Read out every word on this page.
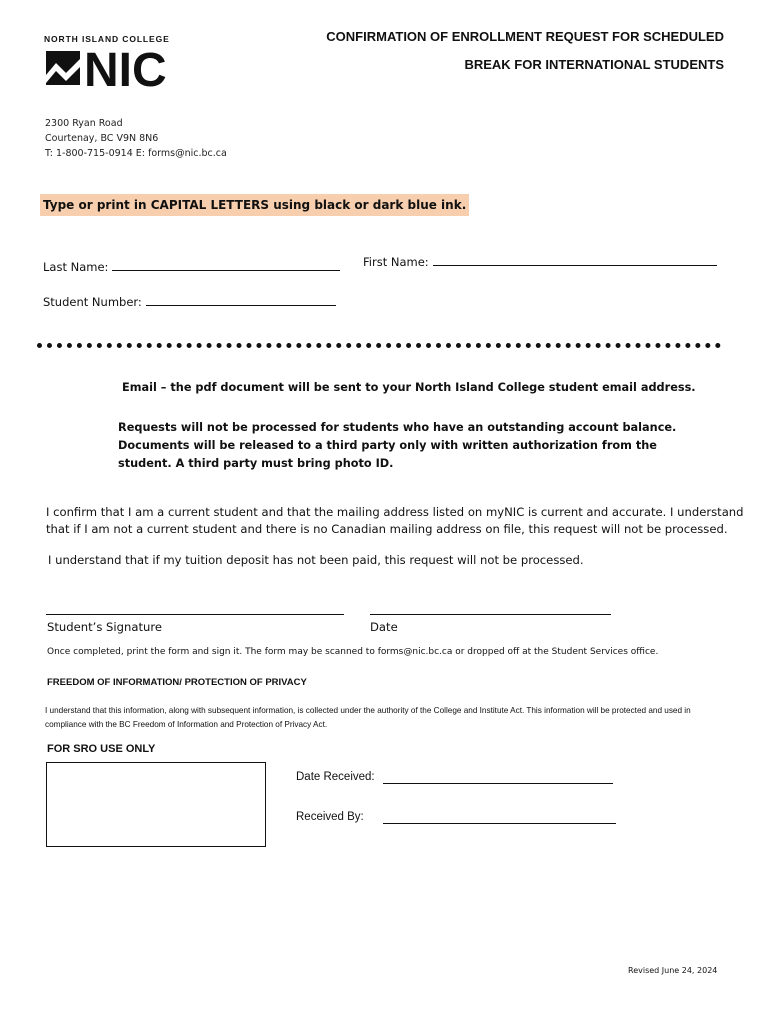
NORTH ISLAND COLLEGE
NIC
CONFIRMATION OF ENROLLMENT REQUEST FOR SCHEDULED
BREAK FOR INTERNATIONAL STUDENTS
2300 Ryan Road
Courtenay, BC V9N 8N6
T: 1-800-715-0914 E: forms@nic.bc.ca
Type or print in CAPITAL LETTERS using black or dark blue ink.
Last Name:	First Name:
Student Number:
Email – the pdf document will be sent to your North Island College student email address.
Requests will not be processed for students who have an outstanding account balance.
Documents will be released to a third party only with written authorization from the
student. A third party must bring photo ID.
I confirm that I am a current student and that the mailing address listed on myNIC is current and accurate. I understand
that if I am not a current student and there is no Canadian mailing address on file, this request will not be processed.
I understand that if my tuition deposit has not been paid, this request will not be processed.
Student’s Signature	Date
Once completed, print the form and sign it. The form may be scanned to forms@nic.bc.ca or dropped off at the Student Services office.
FREEDOM OF INFORMATION/ PROTECTION OF PRIVACY
I understand that this information, along with subsequent information, is collected under the authority of the College and Institute Act. This information will be protected and used in
compliance with the BC Freedom of Information and Protection of Privacy Act.
FOR SRO USE ONLY
Date Received:
Received By:
Revised June 24, 2024
